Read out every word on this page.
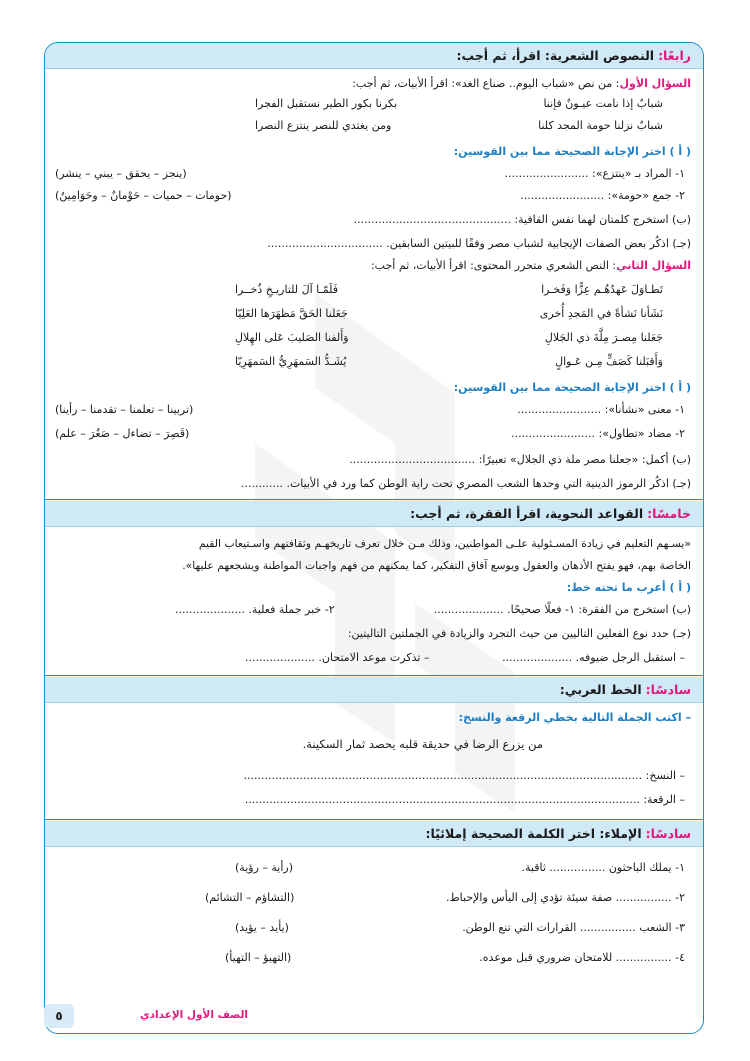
رابعًا:
النصوص الشعرية: اقرأ، ثم أجب:
السؤال الأول: من نص «شباب اليوم.. صناع الغد»: اقرأ الأبيات، ثم أجب:
شبابٌ إذا نامت عيـونٌ فإننا
بكرنا بكور الطير نستقبل الفجرا
شبابٌ نزلنا حومة المجد كلنا
ومن يغتدي للنصر ينتزع النصرا
( أ ) اختر الإجابة الصحيحة مما بين القوسين:
١- المراد بـ «ينتزع»: ........................
(ينجز – يحقق – يبني – ينشر)
٢- جمع «حومة»: ........................
(حومات – حميات – حَوْمانٌ – وحَوَامِينُ)
(ب) استخرج كلمتان لهما نفس القافية: .............................................
(جـ) اذكُر بعض الصفات الإيجابية لشباب مصر وفقًا للبيتين السابقين. .................................
السؤال الثاني: النص الشعري متحرر المحتوى: اقرأ الأبيات، ثم أجب:
تَطـاوَلَ عَهدُهُـم عِزًّا وَفَخـرا
فَلَمّـا آلَ للتاريـخِ ذُخــرا
نَشَأنا نَشأةً في المَجدِ أُخرى
جَعَلنا الحَقَّ مَظهَرَها العَلِيّا
جَعَلنا مِصـرَ مِلَّةَ ذي الجَلالِ
وَأَلفنا الصَليبَ عَلى الهِلالِ
وَأَقبَلنا كَصَفٍّ مِـن عَـوالٍ
يُشَـدُّ السَمهَرِيُّ السَمهَرِيّا
( أ ) اختر الإجابة الصحيحة مما بين القوسين:
١- معنى «نشأنا»: ........................
(تربينا – تعلمنا – تقدمنا – رأينا)
٢- مضاد «تطاول»: ........................
(قَصِرَ – تضاءل – صَغُرَ – علم)
(ب) أكمل: «جعلنا مصر ملة ذي الجلال» تعبيرًا: ....................................
(جـ) اذكُر الرموز الدينية التي وحدها الشعب المصري تحت راية الوطن كما ورد في الأبيات. ............
خامسًا:
القواعد النحوية، اقرأ الفقرة، ثم أجب:
«يسـهم التعليم في زيادة المسـئولية علـى المواطنين، وذلك مـن خلال تعرف تاريخهـم وثقافتهم واسـتيعاب القيم
الخاصة بهم، فهو يفتح الأذهان والعقول ويوسع آفاق التفكير، كما يمكنهم من فهم واجبات المواطنة ويشجعهم عليها».
( أ ) أعرب ما تحته خط:
(ب) استخرج من الفقرة: ١- فعلًا صحيحًا. ....................
٢- خبر جملة فعلية. ....................
(جـ) حدد نوع الفعلين التاليين من حيث التجرد والزيادة في الجملتين التاليتين:
– استقبل الرجل ضيوفه. ....................
– تذكرت موعد الامتحان. ....................
سادسًا:
الخط العربي:
– اكتب الجملة التالية بخطي الرقعة والنسخ:
من يزرع الرضا في حديقة قلبه يحصد ثمار السكينة.
– النسخ: ..................................................................................................................
– الرقعة: .................................................................................................................
سادسًا:
الإملاء: اختر الكلمة الصحيحة إملائيًا:
١- يملك الباحثون ................ ثاقبة.
(رأية – رؤية)
٢- ................ صفة سيئة تؤدي إلى اليأس والإحباط.
(التشاؤم – التشائم)
٣- الشعب ................ القرارات التي تنع الوطن.
(يأيد – يؤيد)
٤- ................ للامتحان ضروري قبل موعده.
(التهيؤ – التهيأ)
٥	الصف الأول الإعدادي
